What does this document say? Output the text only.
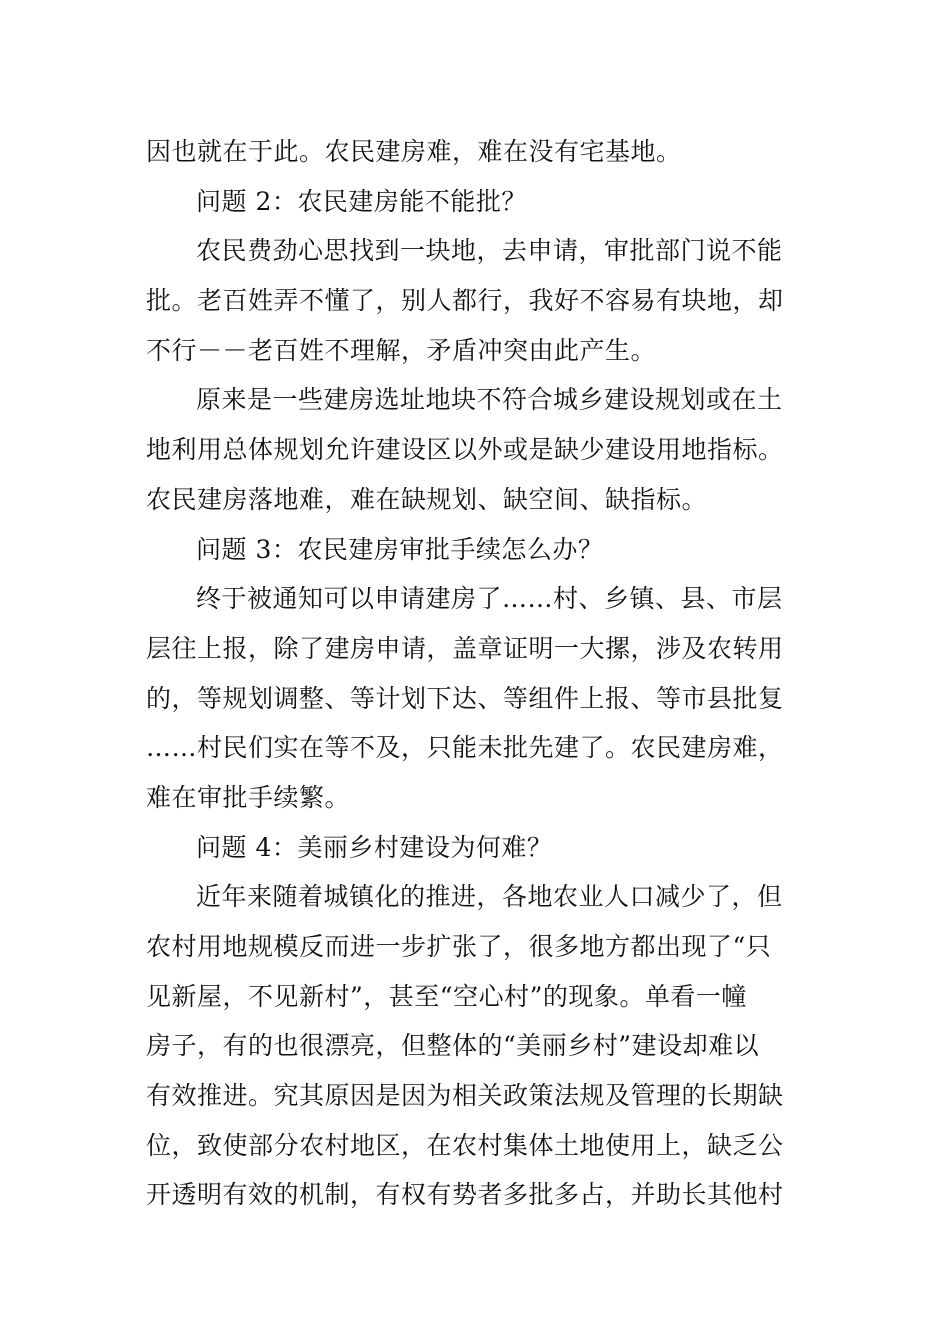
因也就在于此。农民建房难，难在没有宅基地。
问题 2：农民建房能不能批？
农民费劲心思找到一块地，去申请，审批部门说不能
批。老百姓弄不懂了，别人都行，我好不容易有块地，却
不行－－老百姓不理解，矛盾冲突由此产生。
原来是一些建房选址地块不符合城乡建设规划或在土
地利用总体规划允许建设区以外或是缺少建设用地指标。
农民建房落地难，难在缺规划、缺空间、缺指标。
问题 3：农民建房审批手续怎么办？
终于被通知可以申请建房了……村、乡镇、县、市层
层往上报，除了建房申请，盖章证明一大摞，涉及农转用
的，等规划调整、等计划下达、等组件上报、等市县批复
……村民们实在等不及，只能未批先建了。农民建房难，
难在审批手续繁。
问题 4：美丽乡村建设为何难？
近年来随着城镇化的推进，各地农业人口减少了，但
农村用地规模反而进一步扩张了，很多地方都出现了“只
见新屋，不见新村”，甚至“空心村”的现象。单看一幢
房子，有的也很漂亮，但整体的“美丽乡村”建设却难以
有效推进。究其原因是因为相关政策法规及管理的长期缺
位，致使部分农村地区，在农村集体土地使用上，缺乏公
开透明有效的机制，有权有势者多批多占，并助长其他村
